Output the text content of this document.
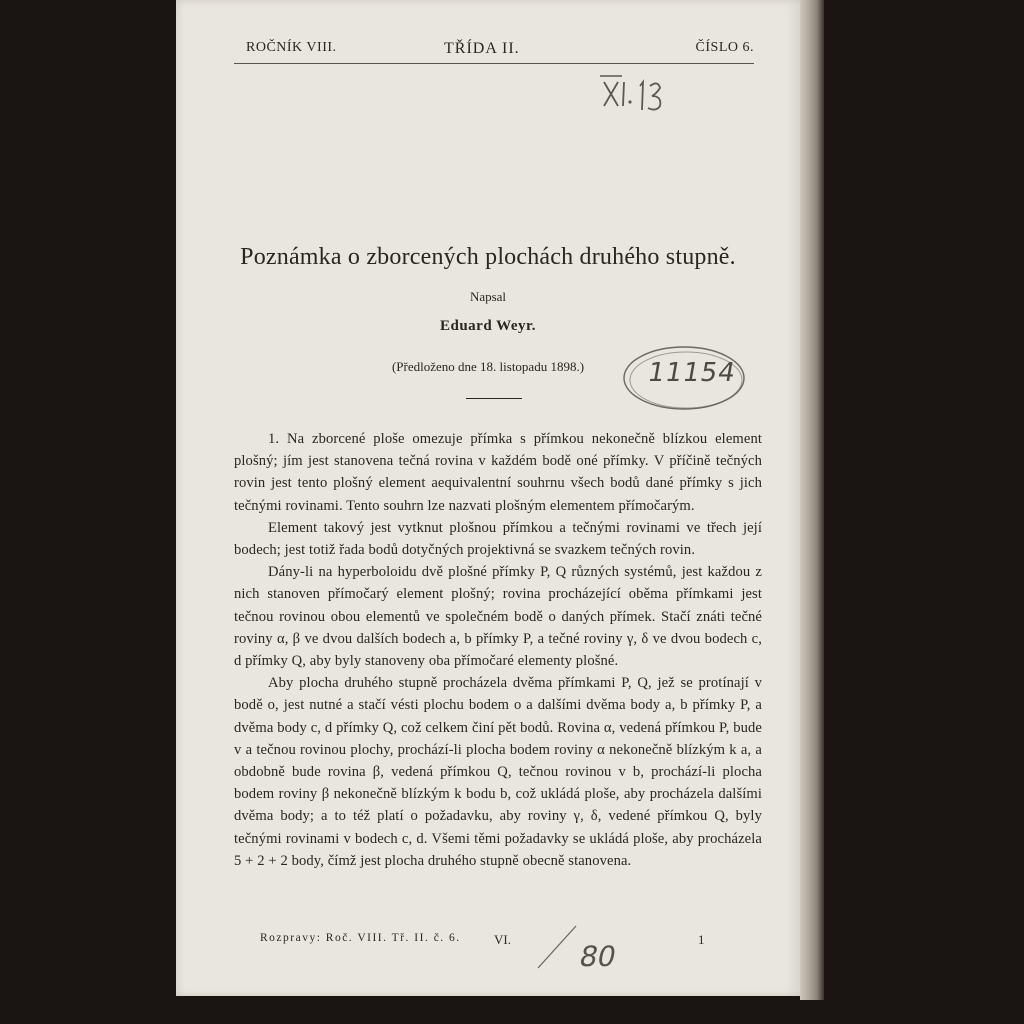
ROČNÍK VIII.	TŘÍDA II.	ČÍSLO 6.
Poznámka o zborcených plochách druhého stupně.
Napsal
Eduard Weyr.
(Předloženo dne 18. listopadu 1898.)	11154

1. Na zborcené ploše omezuje přímka s přímkou nekonečně blízkou element plošný; jím jest stanovena tečná rovina v každém bodě oné přímky. V příčině tečných rovin jest tento plošný element aequivalentní souhrnu všech bodů dané přímky s jich tečnými rovinami. Tento souhrn lze nazvati plošným elementem přímočarým.

Element takový jest vytknut plošnou přímkou a tečnými rovinami ve třech její bodech; jest totiž řada bodů dotyčných projektivná se svazkem tečných rovin.

Dány-li na hyperboloidu dvě plošné přímky P, Q různých systémů, jest každou z nich stanoven přímočarý element plošný; rovina procházející oběma přímkami jest tečnou rovinou obou elementů ve společném bodě o daných přímek. Stačí znáti tečné roviny α, β ve dvou dalších bodech a, b přímky P, a tečné roviny γ, δ ve dvou bodech c, d přímky Q, aby byly stanoveny oba přímočaré elementy plošné.

Aby plocha druhého stupně procházela dvěma přímkami P, Q, jež se protínají v bodě o, jest nutné a stačí vésti plochu bodem o a dalšími dvěma body a, b přímky P, a dvěma body c, d přímky Q, což celkem činí pět bodů. Rovina α, vedená přímkou P, bude v a tečnou rovinou plochy, prochází-li plocha bodem roviny α nekonečně blízkým k a, a obdobně bude rovina β, vedená přímkou Q, tečnou rovinou v b, prochází-li plocha bodem roviny β nekonečně blízkým k bodu b, což ukládá ploše, aby procházela dalšími dvěma body; a to též platí o požadavku, aby roviny γ, δ, vedené přímkou Q, byly tečnými rovinami v bodech c, d. Všemi těmi požadavky se ukládá ploše, aby procházela 5 + 2 + 2 body, čímž jest plocha druhého stupně obecně stanovena.

Rozpravy: Roč. VIII. Tř. II. č. 6.	VI.	1
80
